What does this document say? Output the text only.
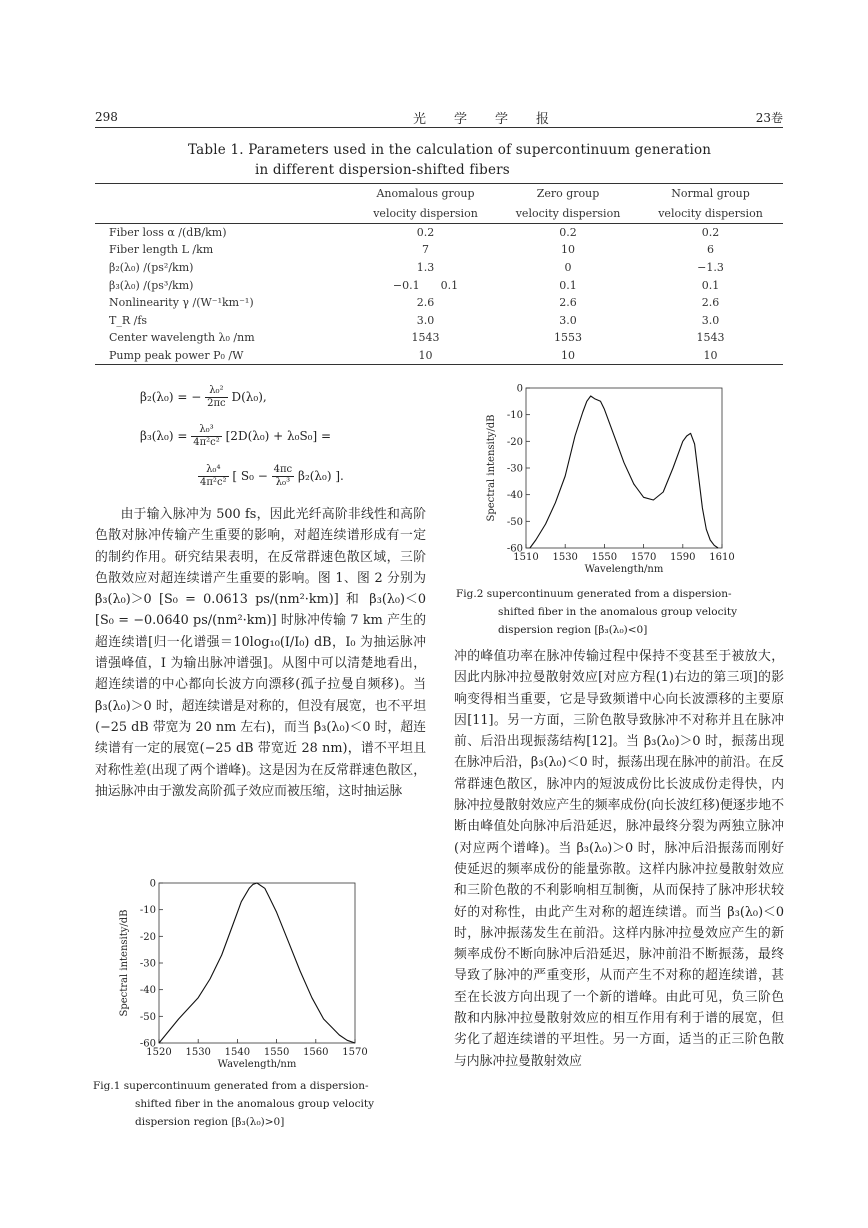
298	光学学报	23卷
Table 1. Parameters used in the calculation of supercontinuum generation
in different dispersion-shifted fibers
	Anomalous group	Zero group	Normal group
	velocity dispersion	velocity dispersion	velocity dispersion
Fiber loss α /(dB/km)	0.2	0.2	0.2
Fiber length L /km	7	10	6
β₂(λ₀) /(ps²/km)	1.3	0	−1.3
β₃(λ₀) /(ps³/km)	−0.1      0.1	0.1	0.1
Nonlinearity γ /(W⁻¹km⁻¹)	2.6	2.6	2.6
T_R /fs	3.0	3.0	3.0
Center wavelength λ₀ /nm	1543	1553	1543
Pump peak power P₀ /W	10	10	10
β₂(λ₀) = − $\frac{\text{λ₀²}}{2\pi c} D(\lambda_0)$,
$\beta_3(\lambda_0) = \frac{\text{λ₀³}}{\text{4π²c²}} [2D(\lambda_0) + \lambda_0S_0]$ =
$\frac{\text{λ₀⁴}}{\text{4π²c²}}$ [ $S_0 - \frac{4\pi c}{\text{λ₀³}} \beta_2(\lambda_0)$ ].
由于输入脉冲为 500 fs，因此光纤高阶非线性和高阶色散对脉冲传输产生重要的影响，对超连续谱形成有一定的制约作用。研究结果表明，在反常群速色散区域，三阶色散效应对超连续谱产生重要的影响。图 1、图 2 分别为 β₃(λ₀)＞0 [S₀ = 0.0613 ps/(nm²·km)] 和 β₃(λ₀)＜0 [S₀ = −0.0640 ps/(nm²·km)] 时脉冲传输 7 km 产生的超连续谱[归一化谱强＝10log₁₀(I/I₀) dB，I₀ 为抽运脉冲谱强峰值，I 为输出脉冲谱强]。从图中可以清楚地看出，超连续谱的中心都向长波方向漂移(孤子拉曼自频移)。当 β₃(λ₀)＞0 时，超连续谱是对称的，但没有展宽，也不平坦(−25 dB 带宽为 20 nm 左右)，而当 β₃(λ₀)＜0 时，超连续谱有一定的展宽(−25 dB 带宽近 28 nm)，谱不平坦且对称性差(出现了两个谱峰)。这是因为在反常群速色散区，抽运脉冲由于激发高阶孤子效应而被压缩，这时抽运脉
冲的峰值功率在脉冲传输过程中保持不变甚至于被放大，因此内脉冲拉曼散射效应[对应方程(1)右边的第三项]的影响变得相当重要，它是导致频谱中心向长波漂移的主要原因[11]。另一方面，三阶色散导致脉冲不对称并且在脉冲前、后沿出现振荡结构[12]。当 β₃(λ₀)＞0 时，振荡出现在脉冲后沿，β₃(λ₀)＜0 时，振荡出现在脉冲的前沿。在反常群速色散区，脉冲内的短波成份比长波成份走得快，内脉冲拉曼散射效应产生的频率成份(向长波红移)便逐步地不断由峰值处向脉冲后沿延迟，脉冲最终分裂为两独立脉冲(对应两个谱峰)。当 β₃(λ₀)＞0 时，脉冲后沿振荡而刚好使延迟的频率成份的能量弥散。这样内脉冲拉曼散射效应和三阶色散的不利影响相互制衡，从而保持了脉冲形状较好的对称性，由此产生对称的超连续谱。而当 β₃(λ₀)＜0 时，脉冲振荡发生在前沿。这样内脉冲拉曼效应产生的新频率成份不断向脉冲后沿延迟，脉冲前沿不断振荡，最终导致了脉冲的严重变形，从而产生不对称的超连续谱，甚至在长波方向出现了一个新的谱峰。由此可见，负三阶色散和内脉冲拉曼散射效应的相互作用有利于谱的展宽，但劣化了超连续谱的平坦性。另一方面，适当的正三阶色散与内脉冲拉曼散射效应
0
-10
-20
-30
-40
-50
-60
1520 1530 1540 1550 1560 1570
Wavelength/nm
Spectral intensity/dB
Fig.1 supercontinuum generated from a dispersion-
shifted fiber in the anomalous group velocity
dispersion region [β₃(λ₀)>0]
0
-10
-20
-30
-40
-50
-60
1510 1530 1550 1570 1590 1610
Wavelength/nm
Spectral intensity/dB
Fig.2 supercontinuum generated from a dispersion-
shifted fiber in the anomalous group velocity
dispersion region [β₃(λ₀)<0]
